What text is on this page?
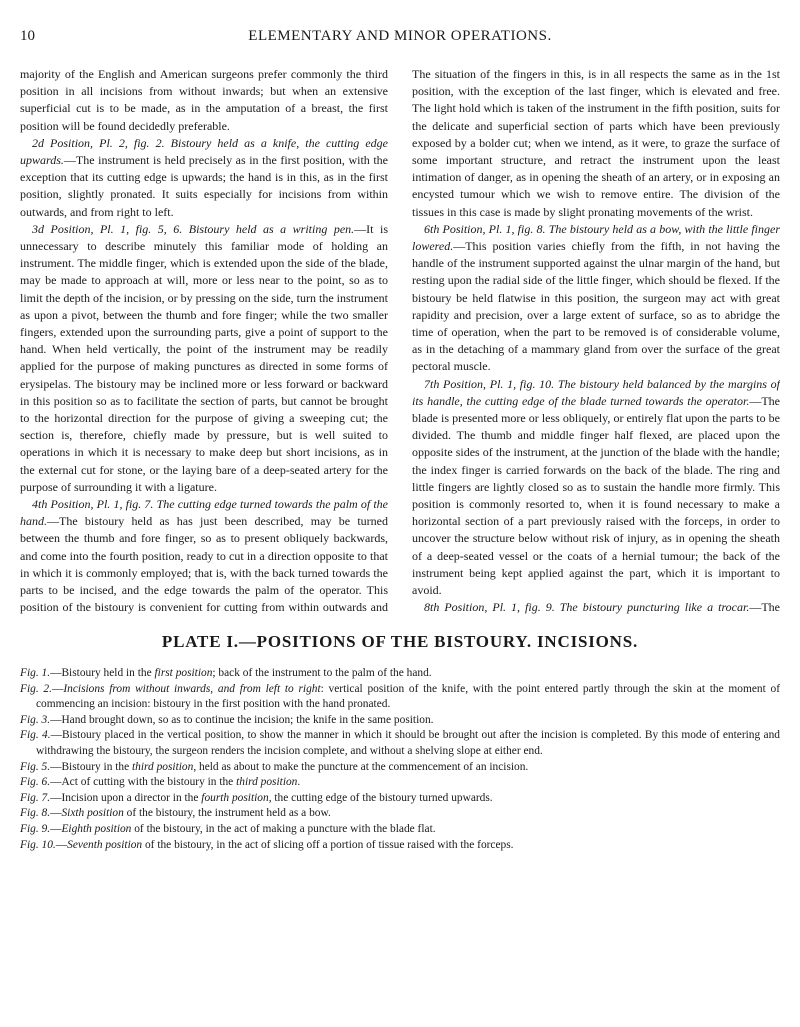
10	ELEMENTARY AND MINOR OPERATIONS.

majority of the English and American surgeons prefer commonly the third position in all incisions from without inwards; but when an extensive superficial cut is to be made, as in the amputation of a breast, the first position will be found decidedly preferable.

2d Position, Pl. 2, fig. 2. Bistoury held as a knife, the cutting edge upwards.—The instrument is held precisely as in the first position, with the exception that its cutting edge is upwards; the hand is in this, as in the first position, slightly pronated. It suits especially for incisions from within outwards, and from right to left.

3d Position, Pl. 1, fig. 5, 6. Bistoury held as a writing pen.—It is unnecessary to describe minutely this familiar mode of holding an instrument. The middle finger, which is extended upon the side of the blade, may be made to approach at will, more or less near to the point, so as to limit the depth of the incision, or by pressing on the side, turn the instrument as upon a pivot, between the thumb and fore finger; while the two smaller fingers, extended upon the surrounding parts, give a point of support to the hand. When held vertically, the point of the instrument may be readily applied for the purpose of making punctures as directed in some forms of erysipelas. The bistoury may be inclined more or less forward or backward in this position so as to facilitate the section of parts, but cannot be brought to the horizontal direction for the purpose of giving a sweeping cut; the section is, therefore, chiefly made by pressure, but is well suited to operations in which it is necessary to make deep but short incisions, as in the external cut for stone, or the laying bare of a deep-seated artery for the purpose of surrounding it with a ligature.

4th Position, Pl. 1, fig. 7. The cutting edge turned towards the palm of the hand.—The bistoury held as has just been described, may be turned between the thumb and fore finger, so as to present obliquely backwards, and come into the fourth position, ready to cut in a direction opposite to that in which it is commonly employed; that is, with the back turned towards the parts to be incised, and the edge towards the palm of the operator. This position of the bistoury is convenient for cutting from within outwards and

The situation of the fingers in this, is in all respects the same as in the 1st position, with the exception of the last finger, which is elevated and free. The light hold which is taken of the instrument in the fifth position, suits for the delicate and superficial section of parts which have been previously exposed by a bolder cut; when we intend, as it were, to graze the surface of some important structure, and retract the instrument upon the least intimation of danger, as in opening the sheath of an artery, or in exposing an encysted tumour which we wish to remove entire. The division of the tissues in this case is made by slight pronating movements of the wrist.

6th Position, Pl. 1, fig. 8. The bistoury held as a bow, with the little finger lowered.—This position varies chiefly from the fifth, in not having the handle of the instrument supported against the ulnar margin of the hand, but resting upon the radial side of the little finger, which should be flexed. If the bistoury be held flatwise in this position, the surgeon may act with great rapidity and precision, over a large extent of surface, so as to abridge the time of operation, when the part to be removed is of considerable volume, as in the detaching of a mammary gland from over the surface of the great pectoral muscle.

7th Position, Pl. 1, fig. 10. The bistoury held balanced by the margins of its handle, the cutting edge of the blade turned towards the operator.—The blade is presented more or less obliquely, or entirely flat upon the parts to be divided. The thumb and middle finger half flexed, are placed upon the opposite sides of the instrument, at the junction of the blade with the handle; the index finger is carried forwards on the back of the blade. The ring and little fingers are lightly closed so as to sustain the handle more firmly. This position is commonly resorted to, when it is found necessary to make a horizontal section of a part previously raised with the forceps, in order to uncover the structure below without risk of injury, as in opening the sheath of a deep-seated vessel or the coats of a hernial tumour; the back of the instrument being kept applied against the part, which it is important to avoid.

8th Position, Pl. 1, fig. 9. The bistoury puncturing like a trocar.—The

PLATE I.—POSITIONS OF THE BISTOURY. INCISIONS.

Fig. 1.—Bistoury held in the first position; back of the instrument to the palm of the hand.

Fig. 2.—Incisions from without inwards, and from left to right: vertical position of the knife, with the point entered partly through the skin at the moment of commencing an incision: bistoury in the first position with the hand pronated.

Fig. 3.—Hand brought down, so as to continue the incision; the knife in the same position.

Fig. 4.—Bistoury placed in the vertical position, to show the manner in which it should be brought out after the incision is completed. By this mode of entering and withdrawing the bistoury, the surgeon renders the incision complete, and without a shelving slope at either end.

Fig. 5.—Bistoury in the third position, held as about to make the puncture at the commencement of an incision.

Fig. 6.—Act of cutting with the bistoury in the third position.

Fig. 7.—Incision upon a director in the fourth position, the cutting edge of the bistoury turned upwards.

Fig. 8.—Sixth position of the bistoury, the instrument held as a bow.

Fig. 9.—Eighth position of the bistoury, in the act of making a puncture with the blade flat.

Fig. 10.—Seventh position of the bistoury, in the act of slicing off a portion of tissue raised with the forceps.
